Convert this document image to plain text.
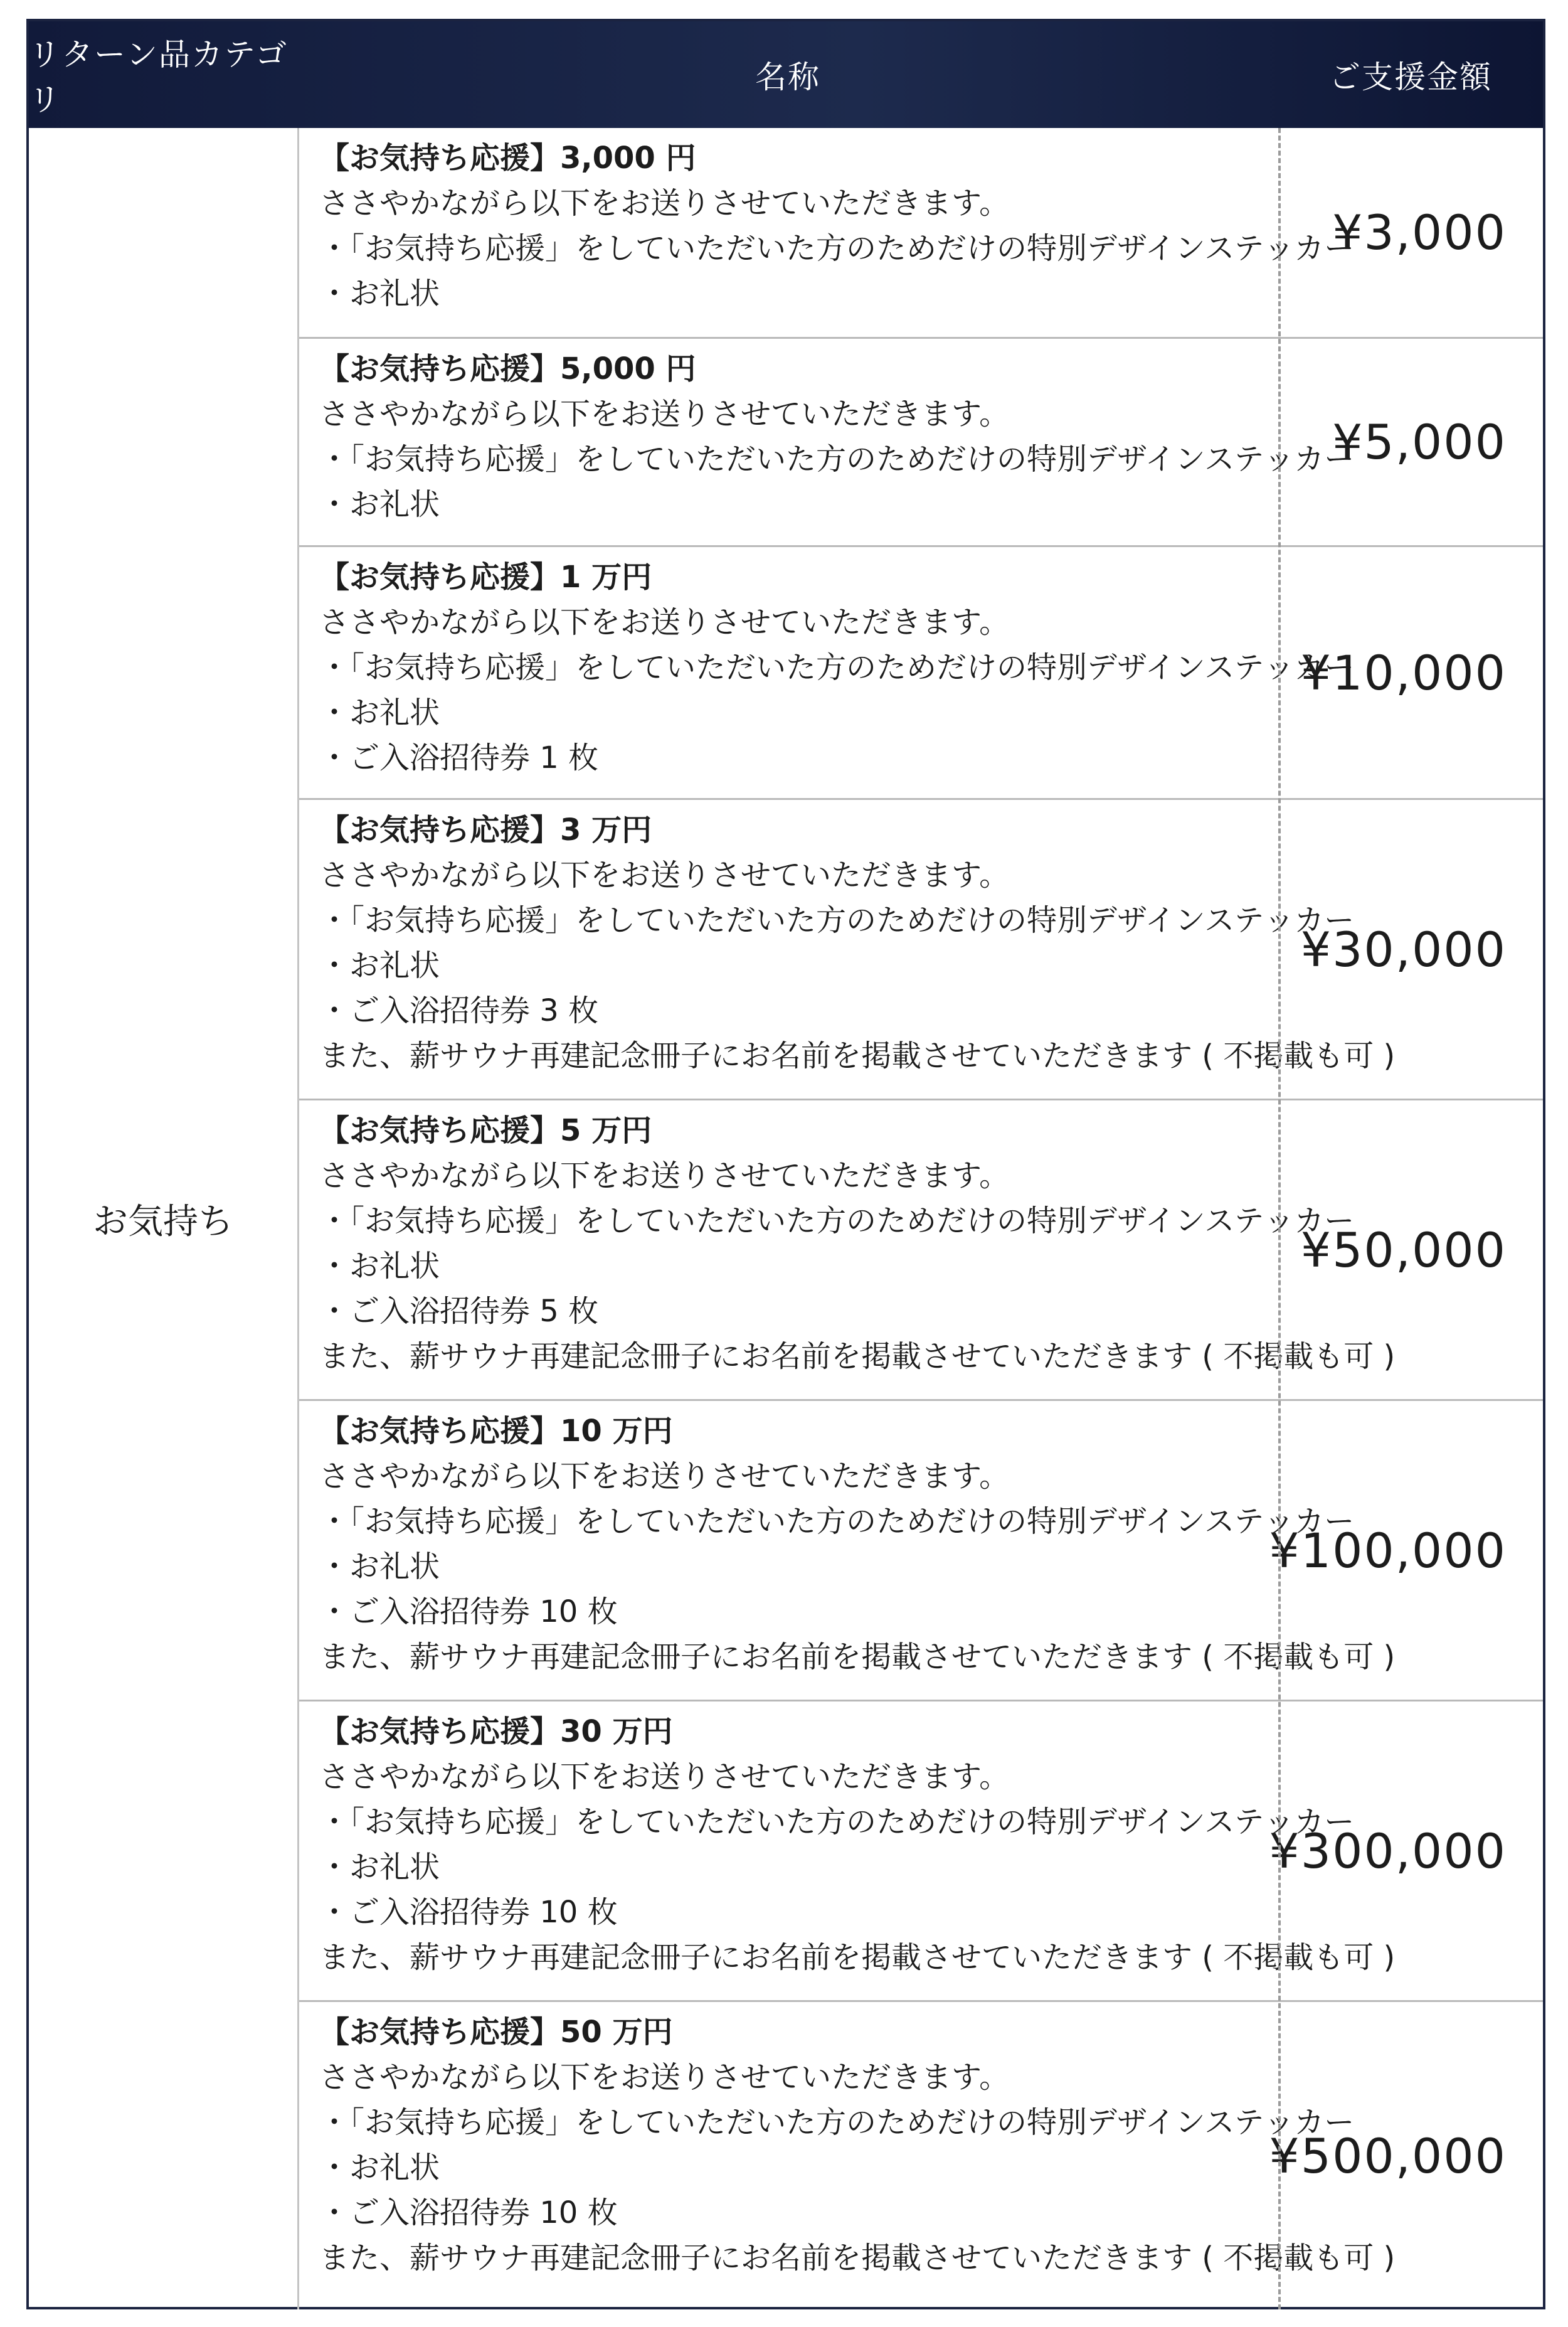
リターン品カテゴリ
名称	ご支援金額
お気持ち
【お気持ち応援】3,000 円
ささやかながら以下をお送りさせていただきます。
・「お気持ち応援」をしていただいた方のためだけの特別デザインステッカー
・お礼状
¥3,000
【お気持ち応援】5,000 円
ささやかながら以下をお送りさせていただきます。
・「お気持ち応援」をしていただいた方のためだけの特別デザインステッカー
・お礼状
¥5,000
【お気持ち応援】1 万円
ささやかながら以下をお送りさせていただきます。
・「お気持ち応援」をしていただいた方のためだけの特別デザインステッカー
・お礼状
・ご入浴招待券 1 枚
¥10,000
【お気持ち応援】3 万円
ささやかながら以下をお送りさせていただきます。
・「お気持ち応援」をしていただいた方のためだけの特別デザインステッカー
・お礼状
・ご入浴招待券 3 枚
また、薪サウナ再建記念冊子にお名前を掲載させていただきます ( 不掲載も可 )
¥30,000
【お気持ち応援】5 万円
ささやかながら以下をお送りさせていただきます。
・「お気持ち応援」をしていただいた方のためだけの特別デザインステッカー
・お礼状
・ご入浴招待券 5 枚
また、薪サウナ再建記念冊子にお名前を掲載させていただきます ( 不掲載も可 )
¥50,000
【お気持ち応援】10 万円
ささやかながら以下をお送りさせていただきます。
・「お気持ち応援」をしていただいた方のためだけの特別デザインステッカー
・お礼状
・ご入浴招待券 10 枚
また、薪サウナ再建記念冊子にお名前を掲載させていただきます ( 不掲載も可 )
¥100,000
【お気持ち応援】30 万円
ささやかながら以下をお送りさせていただきます。
・「お気持ち応援」をしていただいた方のためだけの特別デザインステッカー
・お礼状
・ご入浴招待券 10 枚
また、薪サウナ再建記念冊子にお名前を掲載させていただきます ( 不掲載も可 )
¥300,000
【お気持ち応援】50 万円
ささやかながら以下をお送りさせていただきます。
・「お気持ち応援」をしていただいた方のためだけの特別デザインステッカー
・お礼状
・ご入浴招待券 10 枚
また、薪サウナ再建記念冊子にお名前を掲載させていただきます ( 不掲載も可 )
¥500,000
